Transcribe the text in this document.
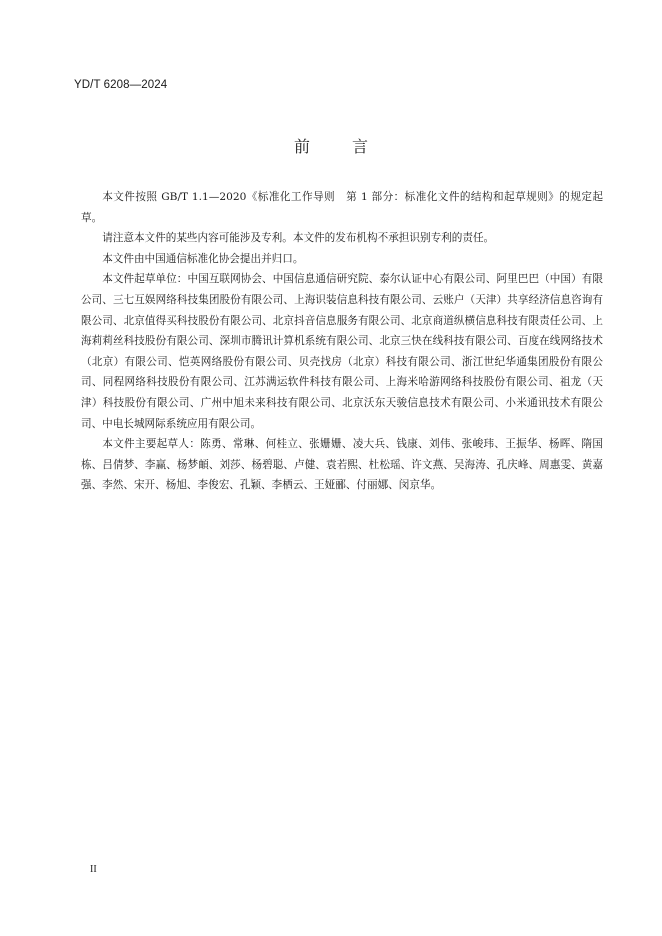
YD/T 6208—2024
前	言

本文件按照 GB/T 1.1—2020《标准化工作导则　第 1 部分：标准化文件的结构和起草规则》的规定起草。

请注意本文件的某些内容可能涉及专利。本文件的发布机构不承担识别专利的责任。

本文件由中国通信标准化协会提出并归口。

本文件起草单位：中国互联网协会、中国信息通信研究院、泰尔认证中心有限公司、阿里巴巴（中国）有限公司、三七互娱网络科技集团股份有限公司、上海识装信息科技有限公司、云账户（天津）共享经济信息咨询有限公司、北京值得买科技股份有限公司、北京抖音信息服务有限公司、北京商道纵横信息科技有限责任公司、上海莉莉丝科技股份有限公司、深圳市腾讯计算机系统有限公司、北京三快在线科技有限公司、百度在线网络技术（北京）有限公司、恺英网络股份有限公司、贝壳找房（北京）科技有限公司、浙江世纪华通集团股份有限公司、同程网络科技股份有限公司、江苏满运软件科技有限公司、上海米哈游网络科技股份有限公司、祖龙（天津）科技股份有限公司、广州中旭未来科技有限公司、北京沃东天骏信息技术有限公司、小米通讯技术有限公司、中电长城网际系统应用有限公司。

本文件主要起草人：陈勇、常琳、何桂立、张姗姗、凌大兵、钱康、刘伟、张峻玮、王振华、杨晖、隋国栋、吕倩梦、李赢、杨梦頔、刘莎、杨碧聪、卢健、袁若熙、杜松瑶、许文燕、吴海涛、孔庆峰、周惠雯、黄嘉强、李然、宋开、杨旭、李俊宏、孔颖、李栖云、王娅郦、付丽娜、闵京华。

II
